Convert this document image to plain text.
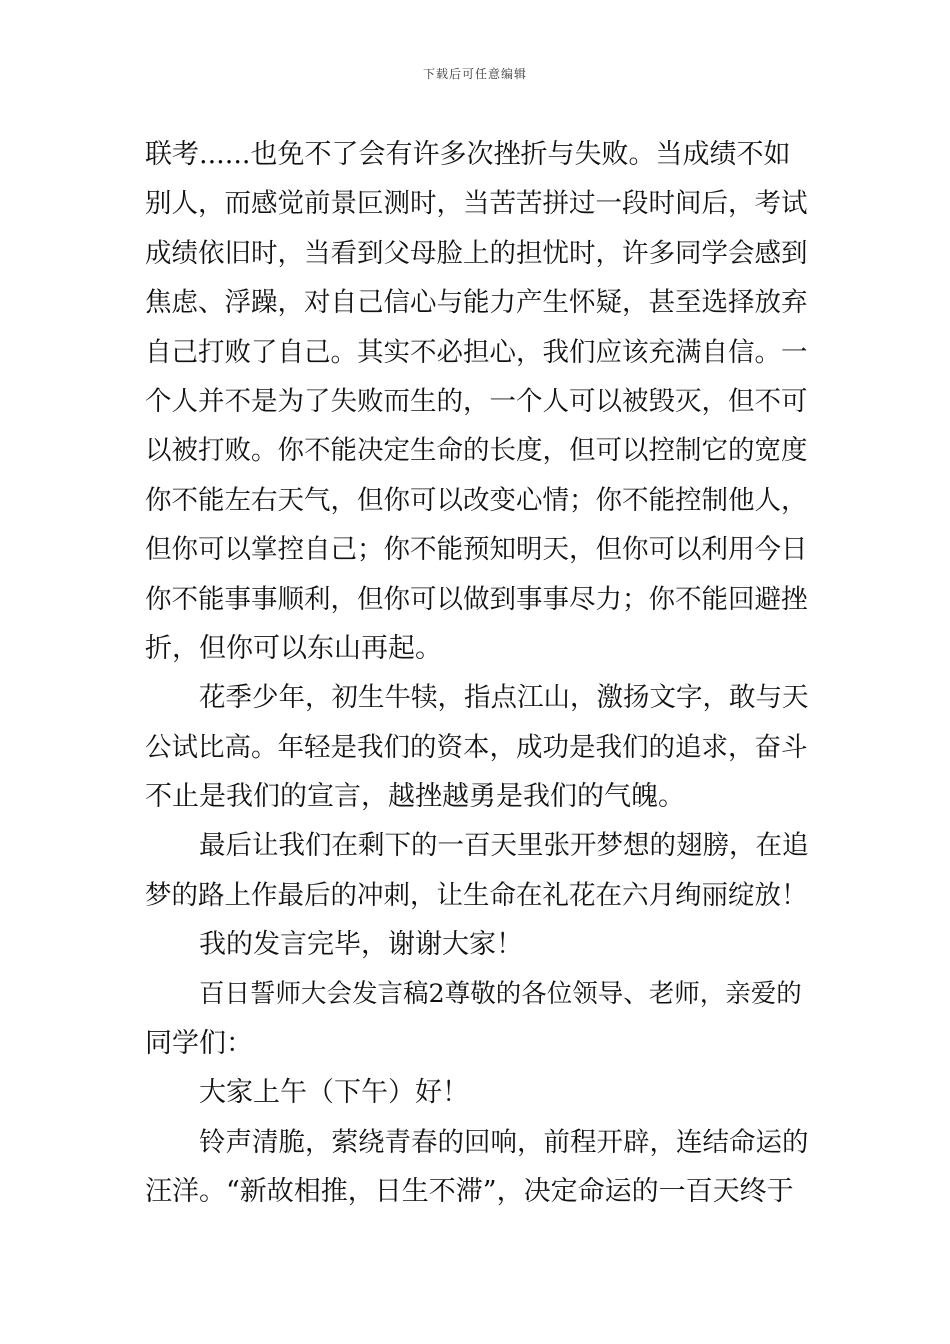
下载后可任意编辑
联考......也免不了会有许多次挫折与失败。当成绩不如
别人，而感觉前景叵测时，当苦苦拼过一段时间后，考试
成绩依旧时，当看到父母脸上的担忧时，许多同学会感到
焦虑、浮躁，对自己信心与能力产生怀疑，甚至选择放弃
自己打败了自己。其实不必担心，我们应该充满自信。一
个人并不是为了失败而生的，一个人可以被毁灭，但不可
以被打败。你不能决定生命的长度，但可以控制它的宽度
你不能左右天气，但你可以改变心情；你不能控制他人，
但你可以掌控自己；你不能预知明天，但你可以利用今日
你不能事事顺利，但你可以做到事事尽力；你不能回避挫
折，但你可以东山再起。
花季少年，初生牛犊，指点江山，激扬文字，敢与天
公试比高。年轻是我们的资本，成功是我们的追求，奋斗
不止是我们的宣言，越挫越勇是我们的气魄。
最后让我们在剩下的一百天里张开梦想的翅膀，在追
梦的路上作最后的冲刺，让生命在礼花在六月绚丽绽放！
我的发言完毕，谢谢大家！
百日誓师大会发言稿2尊敬的各位领导、老师，亲爱的
同学们：
大家上午（下午）好！
铃声清脆，萦绕青春的回响，前程开辟，连结命运的
汪洋。“新故相推，日生不滞”，决定命运的一百天终于
